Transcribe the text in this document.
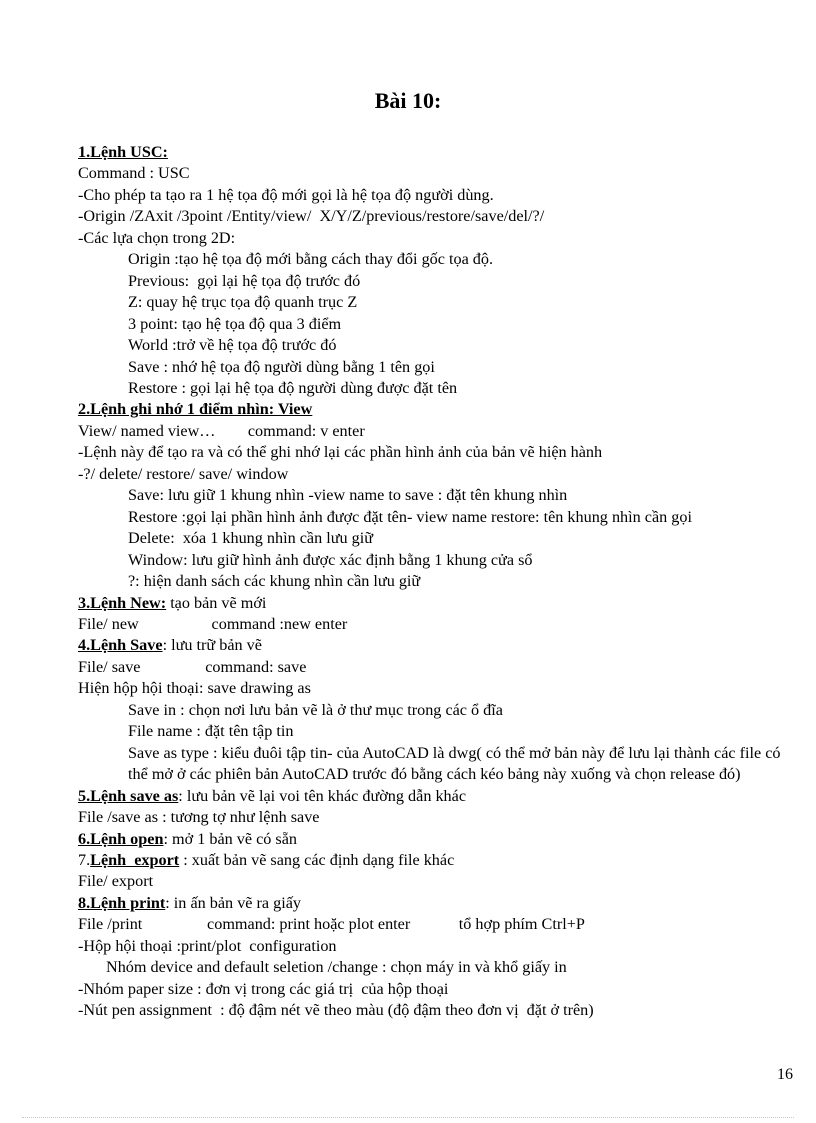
Bài 10:
1.Lệnh USC:
Command : USC
-Cho phép ta tạo ra 1 hệ tọa độ mới gọi là hệ tọa độ người dùng.
-Origin /ZAxit /3point /Entity/view/  X/Y/Z/previous/restore/save/del/?/
-Các lựa chọn trong 2D:
Origin :tạo hệ tọa độ mới bằng cách thay đổi gốc tọa độ.
Previous:  gọi lại hệ tọa độ trước đó
Z: quay hệ trục tọa độ quanh trục Z
3 point: tạo hệ tọa độ qua 3 điểm
World :trở về hệ tọa độ trước đó
Save : nhớ hệ tọa độ người dùng bằng 1 tên gọi
Restore : gọi lại hệ tọa độ người dùng được đặt tên
2.Lệnh ghi nhớ 1 điểm nhìn: View
View/ named view…        command: v enter
-Lệnh này để tạo ra và có thể ghi nhớ lại các phần hình ảnh của bản vẽ hiện hành
-?/ delete/ restore/ save/ window
Save: lưu giữ 1 khung nhìn -view name to save : đặt tên khung nhìn
Restore :gọi lại phần hình ảnh được đặt tên- view name restore: tên khung nhìn cần gọi
Delete:  xóa 1 khung nhìn cần lưu giữ
Window: lưu giữ hình ảnh được xác định bằng 1 khung cửa sổ
?: hiện danh sách các khung nhìn cần lưu giữ
3.Lệnh New: tạo bản vẽ mới
File/ new                  command :new enter
4.Lệnh Save: lưu trữ bản vẽ
File/ save                command: save
Hiện hộp hội thoại: save drawing as
Save in : chọn nơi lưu bản vẽ là ở thư mục trong các ổ đĩa
File name : đặt tên tập tin
Save as type : kiểu đuôi tập tin- của AutoCAD là dwg( có thể mở bản này để lưu lại thành các file có thể mở ở các phiên bản AutoCAD trước đó bằng cách kéo bảng này xuống và chọn release đó)
5.Lệnh save as: lưu bản vẽ lại voi tên khác đường dẫn khác
File /save as : tương tợ như lệnh save
6.Lệnh open: mở 1 bản vẽ có sẵn
7.Lệnh  export : xuất bản vẽ sang các định dạng file khác
File/ export
8.Lệnh print: in ấn bản vẽ ra giấy
File /print                command: print hoặc plot enter            tổ hợp phím Ctrl+P
-Hộp hội thoại :print/plot  configuration
Nhóm device and default seletion /change : chọn máy in và khổ giấy in
-Nhóm paper size : đơn vị trong các giá trị  của hộp thoại
-Nút pen assignment  : độ đậm nét vẽ theo màu (độ đậm theo đơn vị  đặt ở trên)
16
